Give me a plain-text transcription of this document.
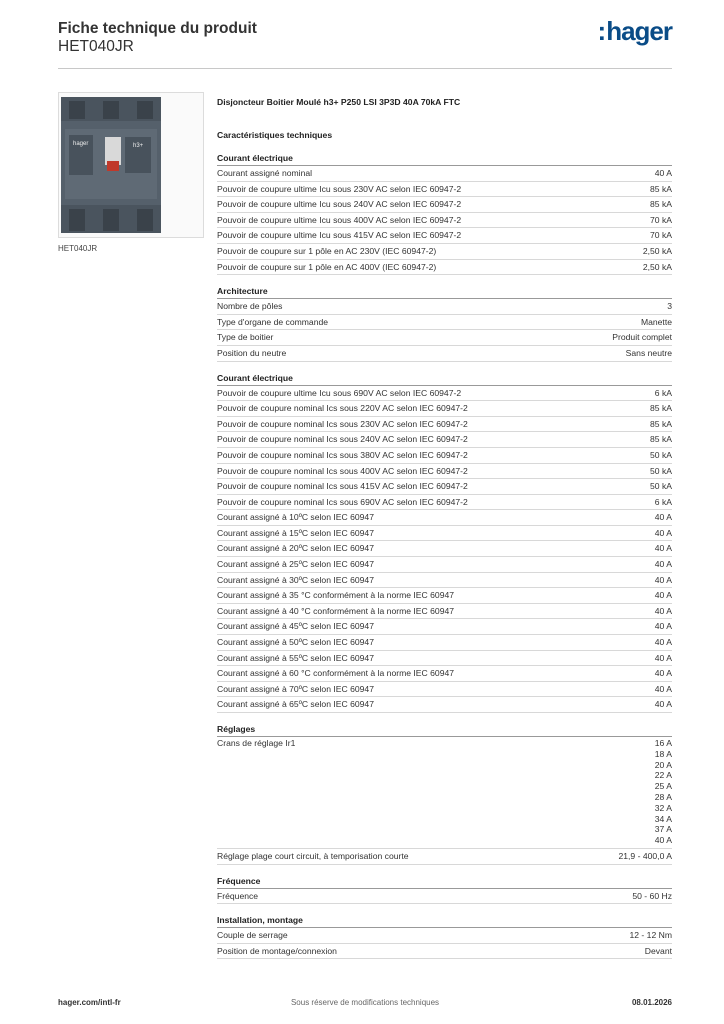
Fiche technique du produit
HET040JR
:hager
hager	h3+
HET040JR
Disjoncteur Boitier Moulé h3+ P250 LSI 3P3D 40A 70kA FTC
Caractéristiques techniques
Courant électrique
Courant assigné nominal	40 A
Pouvoir de coupure ultime Icu sous 230V AC selon IEC 60947-2	85 kA
Pouvoir de coupure ultime Icu sous 240V AC selon IEC 60947-2	85 kA
Pouvoir de coupure ultime Icu sous 400V AC selon IEC 60947-2	70 kA
Pouvoir de coupure ultime Icu sous 415V AC selon IEC 60947-2	70 kA
Pouvoir de coupure sur 1 pôle en AC 230V (IEC 60947-2)	2,50 kA
Pouvoir de coupure sur 1 pôle en AC 400V (IEC 60947-2)	2,50 kA
Architecture
Nombre de pôles	3
Type d'organe de commande	Manette
Type de boitier	Produit complet
Position du neutre	Sans neutre
Courant électrique
Pouvoir de coupure ultime Icu sous 690V AC selon IEC 60947-2	6 kA
Pouvoir de coupure nominal Ics sous 220V AC selon IEC 60947-2	85 kA
Pouvoir de coupure nominal Ics sous 230V AC selon IEC 60947-2	85 kA
Pouvoir de coupure nominal Ics sous 240V AC selon IEC 60947-2	85 kA
Pouvoir de coupure nominal Ics sous 380V AC selon IEC 60947-2	50 kA
Pouvoir de coupure nominal Ics sous 400V AC selon IEC 60947-2	50 kA
Pouvoir de coupure nominal Ics sous 415V AC selon IEC 60947-2	50 kA
Pouvoir de coupure nominal Ics sous 690V AC selon IEC 60947-2	6 kA
Courant assigné à 10ºC selon IEC 60947	40 A
Courant assigné à 15ºC selon IEC 60947	40 A
Courant assigné à 20ºC selon IEC 60947	40 A
Courant assigné à 25ºC selon IEC 60947	40 A
Courant assigné à 30ºC selon IEC 60947	40 A
Courant assigné à 35 °C conformément à la norme IEC 60947	40 A
Courant assigné à 40 °C conformément à la norme IEC 60947	40 A
Courant assigné à 45ºC selon IEC 60947	40 A
Courant assigné à 50ºC selon IEC 60947	40 A
Courant assigné à 55ºC selon IEC 60947	40 A
Courant assigné à 60 °C conformément à la norme IEC 60947	40 A
Courant assigné à 70ºC selon IEC 60947	40 A
Courant assigné à 65ºC selon IEC 60947	40 A
Réglages
Crans de réglage Ir1	16 A
18 A
20 A
22 A
25 A
28 A
32 A
34 A
37 A
40 A
Réglage plage court circuit, à temporisation courte	21,9 - 400,0 A
Fréquence
Fréquence	50 - 60 Hz
Installation, montage
Couple de serrage	12 - 12 Nm
Position de montage/connexion	Devant
Sous réserve de modifications techniques
hager.com/intl-fr	08.01.2026
